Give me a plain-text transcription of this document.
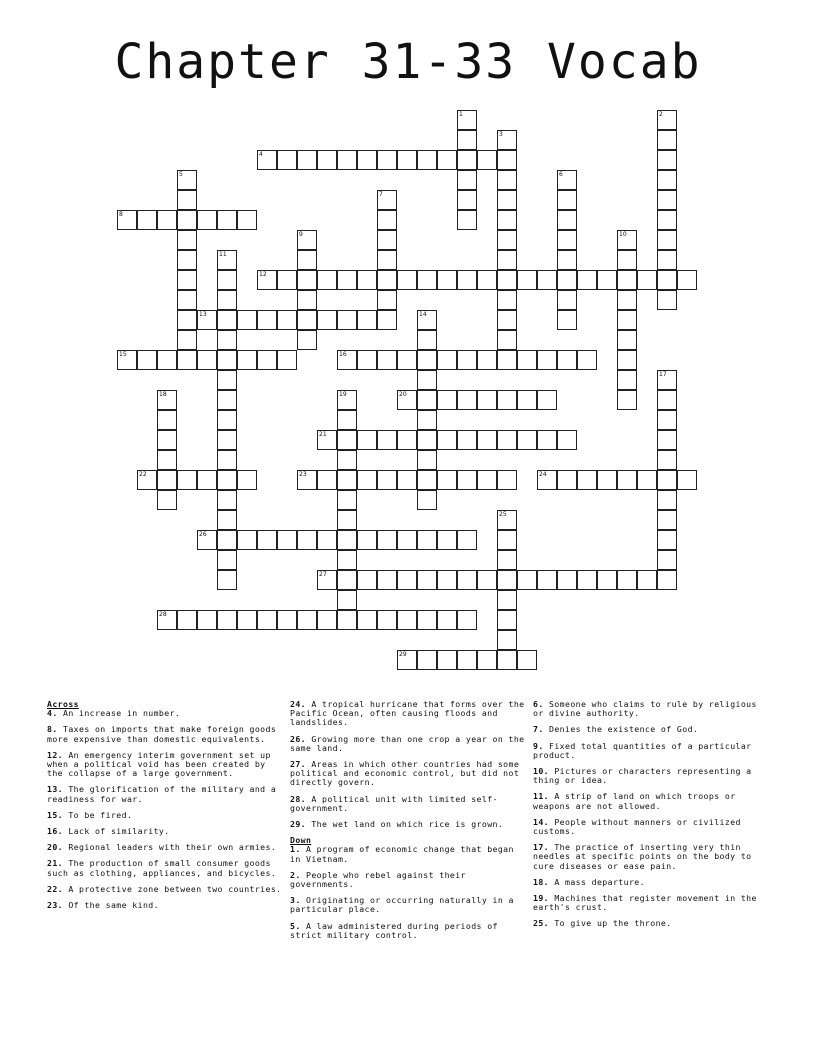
Chapter 31-33 Vocab
1	2
3
4
5	6
7
8
9	10
11
12
13	14
15	16
17
18	19	20
21
22	23	24
25
26
27
28
29

Across

4. An increase in number.

8. Taxes on imports that make foreign goods more expensive than domestic equivalents.

12. An emergency interim government set up when a political void has been created by the collapse of a large government.

13. The glorification of the military and a readiness for war.

15. To be fired.

16. Lack of similarity.

20. Regional leaders with their own armies.

21. The production of small consumer goods such as clothing, appliances, and bicycles.

22. A protective zone between two countries.

23. Of the same kind.

24. A tropical hurricane that forms over the Pacific Ocean, often causing floods and landslides.

26. Growing more than one crop a year on the same land.

27. Areas in which other countries had some political and economic control, but did not directly govern.

28. A political unit with limited self-government.

29. The wet land on which rice is grown.

Down

1. A program of economic change that began in Vietnam.

2. People who rebel against their governments.

3. Originating or occurring naturally in a particular place.

5. A law administered during periods of strict military control.

6. Someone who claims to rule by religious or divine authority.

7. Denies the existence of God.

9. Fixed total quantities of a particular product.

10. Pictures or characters representing a thing or idea.

11. A strip of land on which troops or weapons are not allowed.

14. People without manners or civilized customs.

17. The practice of inserting very thin needles at specific points on the body to cure diseases or ease pain.

18. A mass departure.

19. Machines that register movement in the earth's crust.

25. To give up the throne.
